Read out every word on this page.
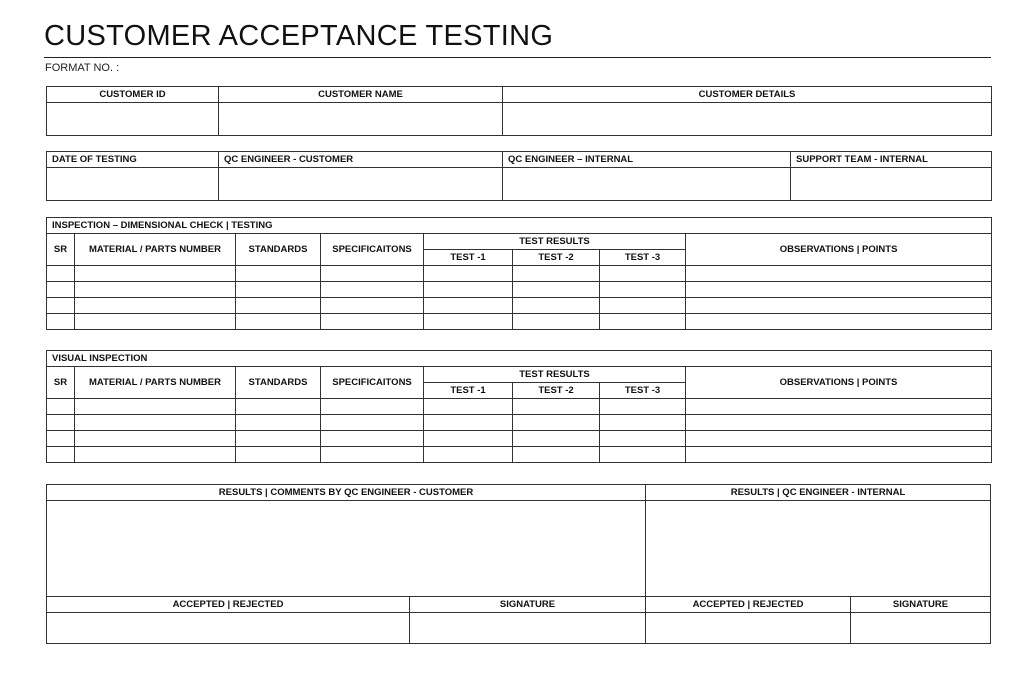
CUSTOMER ACCEPTANCE TESTING
FORMAT NO. :
CUSTOMER ID	CUSTOMER NAME	CUSTOMER DETAILS

DATE OF TESTING	QC ENGINEER - CUSTOMER	QC ENGINEER – INTERNAL	SUPPORT TEAM - INTERNAL

INSPECTION – DIMENSIONAL CHECK | TESTING							
SR	MATERIAL / PARTS NUMBER	STANDARDS	SPECIFICAITONS	TEST RESULTS			OBSERVATIONS | POINTS
				TEST -1	TEST -2	TEST -3	

VISUAL INSPECTION							
SR	MATERIAL / PARTS NUMBER	STANDARDS	SPECIFICAITONS	TEST RESULTS			OBSERVATIONS | POINTS
				TEST -1	TEST -2	TEST -3	

RESULTS | COMMENTS BY QC ENGINEER - CUSTOMER		RESULTS | QC ENGINEER - INTERNAL	

ACCEPTED | REJECTED	SIGNATURE	ACCEPTED | REJECTED	SIGNATURE
